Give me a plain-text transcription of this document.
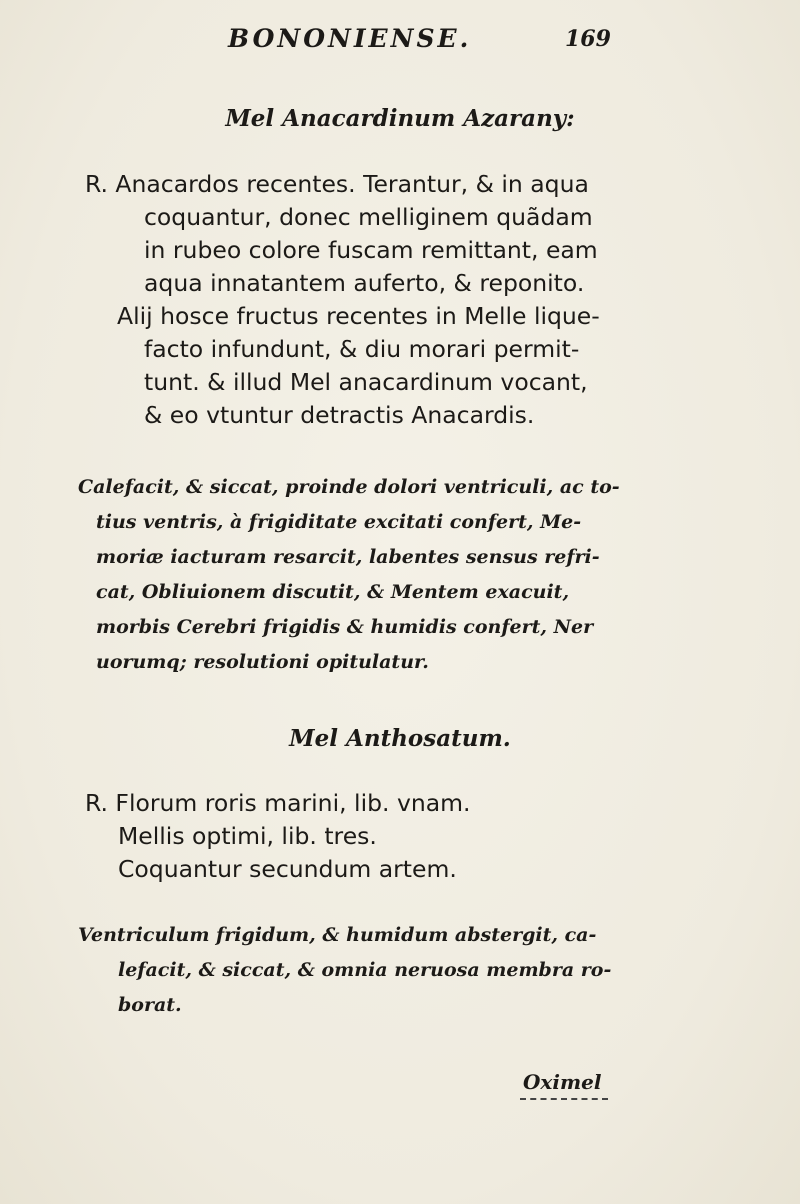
BONONIENSE.	169
Mel Anacardinum Azarany:
R. Anacardos recentes. Terantur, & in aqua
coquantur, donec melliginem quãdam
in rubeo colore fuscam remittant, eam
aqua innatantem auferto, & reponito.
Alij hosce fructus recentes in Melle lique-
facto infundunt, & diu morari permit-
tunt. & illud Mel anacardinum vocant,
& eo vtuntur detractis Anacardis.
Calefacit, & siccat, proinde dolori ventriculi, ac to-
tius ventris, à frigiditate excitati confert, Me-
moriæ iacturam resarcit, labentes sensus refri-
cat, Obliuionem discutit, & Mentem exacuit,
morbis Cerebri frigidis & humidis confert, Ner
uorumq; resolutioni opitulatur.
Mel Anthosatum.
R. Florum roris marini, lib. vnam.
Mellis optimi, lib. tres.
Coquantur secundum artem.
Ventriculum frigidum, & humidum abstergit, ca-
lefacit, & siccat, & omnia neruosa membra ro-
borat.
Oximel
